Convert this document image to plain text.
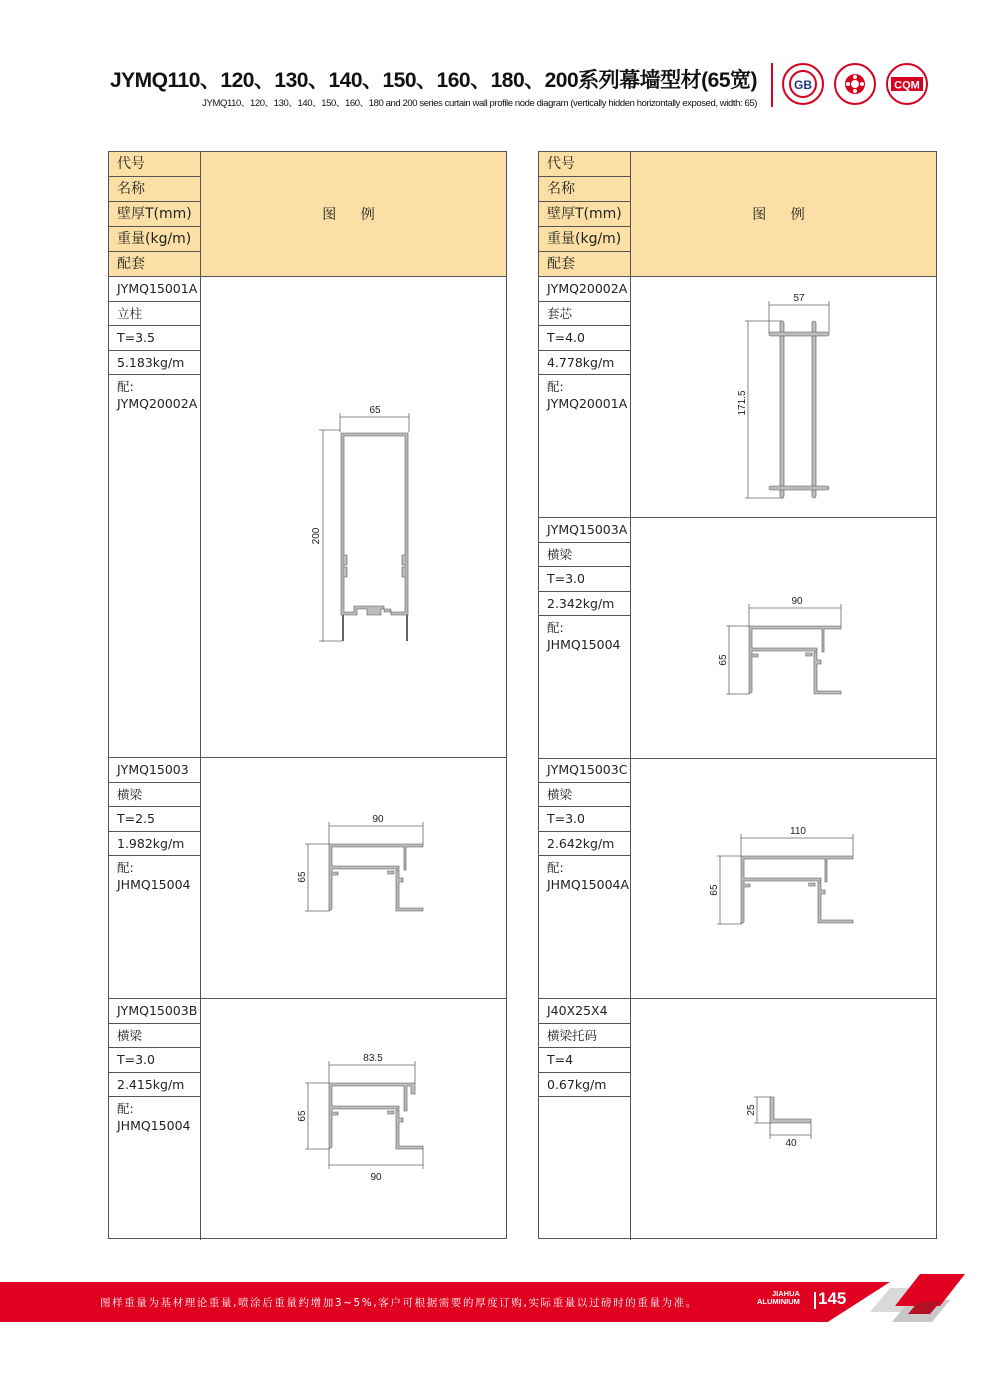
JYMQ110、120、130、140、150、160、180、200系列幕墙型材(65宽)
JYMQ110、120、130、140、150、160、180 and 200 series curtain wall profile node diagram (vertically hidden horizontally exposed, width: 65)
GB	CQM
代号
名称
壁厚T(mm)
重量(kg/m)
配套
图 例
JYMQ15001A
立柱
T=3.5
5.183kg/m
配:
JYMQ20002A	65
200
JYMQ15003
横梁
T=2.5
1.982kg/m
配:
JHMQ15004
90
65
JYMQ15003B
横梁
T=3.0
2.415kg/m
配:
JHMQ15004
83.5
90
65
代号
名称
壁厚T(mm)
重量(kg/m)
配套
图 例
JYMQ20002A
套芯
T=4.0
4.778kg/m
配:
JYMQ20001A
57
171.5
JYMQ15003A
横梁
T=3.0
2.342kg/m
配:
JHMQ15004
90
65
JYMQ15003C
横梁
T=3.0
2.642kg/m
配:
JHMQ15004A
110
65
J40X25X4
横梁托码
T=4
0.67kg/m
25
40
图样重量为基材理论重量,喷涂后重量约增加3~5%,客户可根据需要的厚度订购,实际重量以过磅时的重量为准。
JIAHUA
ALUMINIUM 145
